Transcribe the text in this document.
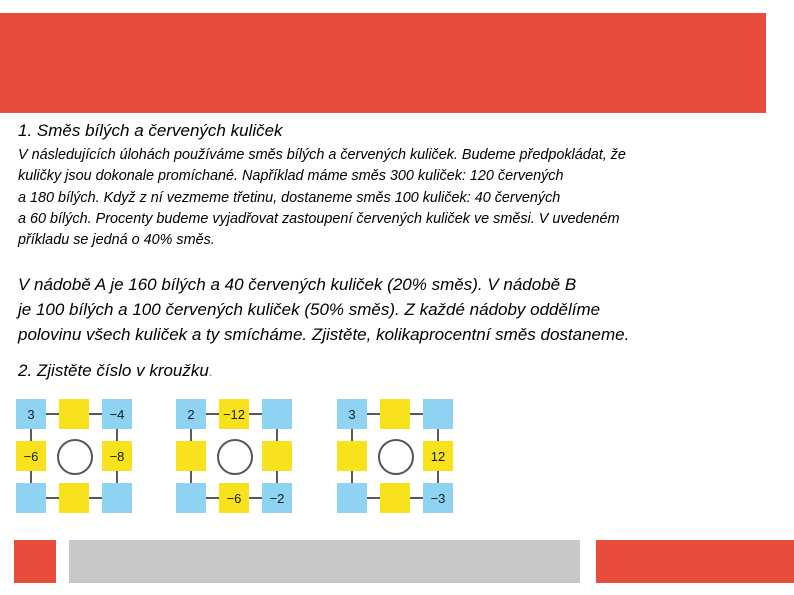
1. Směs bílých a červených kuliček
V následujících úlohách používáme směs bílých a červených kuliček. Budeme předpokládat, že
kuličky jsou dokonale promíchané. Například máme směs 300 kuliček: 120 červených
a 180 bílých. Když z ní vezmeme třetinu, dostaneme směs 100 kuliček: 40 červených
a 60 bílých. Procenty budeme vyjadřovat zastoupení červených kuliček ve směsi. V uvedeném
příkladu se jedná o 40% směs.
V nádobě A je 160 bílých a 40 červených kuliček (20% směs). V nádobě B
je 100 bílých a 100 červených kuliček (50% směs). Z každé nádoby oddělíme
polovinu všech kuliček a ty smícháme. Zjistěte, kolikaprocentní směs dostaneme.
2. Zjistěte číslo v kroužku.
3	−4
−6	−8
2	−12
−6	−2
3
12
−3
